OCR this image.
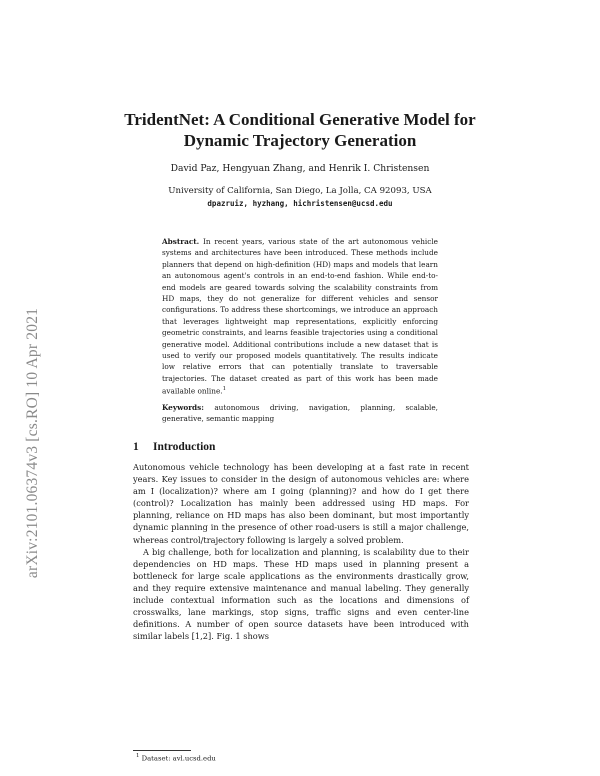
arXiv:2101.06374v3 [cs.RO] 10 Apr 2021
TridentNet: A Conditional Generative Model for
Dynamic Trajectory Generation
David Paz, Hengyuan Zhang, and Henrik I. Christensen
University of California, San Diego, La Jolla, CA 92093, USA
dpazruiz, hyzhang, hichristensen@ucsd.edu

Abstract. In recent years, various state of the art autonomous vehicle systems and architectures have been introduced. These methods include planners that depend on high-definition (HD) maps and models that learn an autonomous agent's controls in an end-to-end fashion. While end-to-end models are geared towards solving the scalability constraints from HD maps, they do not generalize for different vehicles and sensor configurations. To address these shortcomings, we introduce an approach that leverages lightweight map representations, explicitly enforcing geometric constraints, and learns feasible trajectories using a conditional generative model. Additional contributions include a new dataset that is used to verify our proposed models quantitatively. The results indicate low relative errors that can potentially translate to traversable trajectories. The dataset created as part of this work has been made available online.$^1$

Keywords: autonomous driving, navigation, planning, scalable, generative, semantic mapping

1 Introduction

Autonomous vehicle technology has been developing at a fast rate in recent years. Key issues to consider in the design of autonomous vehicles are: where am I (localization)? where am I going (planning)? and how do I get there (control)? Localization has mainly been addressed using HD maps. For planning, reliance on HD maps has also been dominant, but most importantly dynamic planning in the presence of other road-users is still a major challenge, whereas control/trajectory following is largely a solved problem.

A big challenge, both for localization and planning, is scalability due to their dependencies on HD maps. These HD maps used in planning present a bottleneck for large scale applications as the environments drastically grow, and they require extensive maintenance and manual labeling. They generally include contextual information such as the locations and dimensions of crosswalks, lane markings, stop signs, traffic signs and even center-line definitions. A number of open source datasets have been introduced with similar labels [1,2]. Fig. 1 shows

$^1$ Dataset: avl.ucsd.edu
